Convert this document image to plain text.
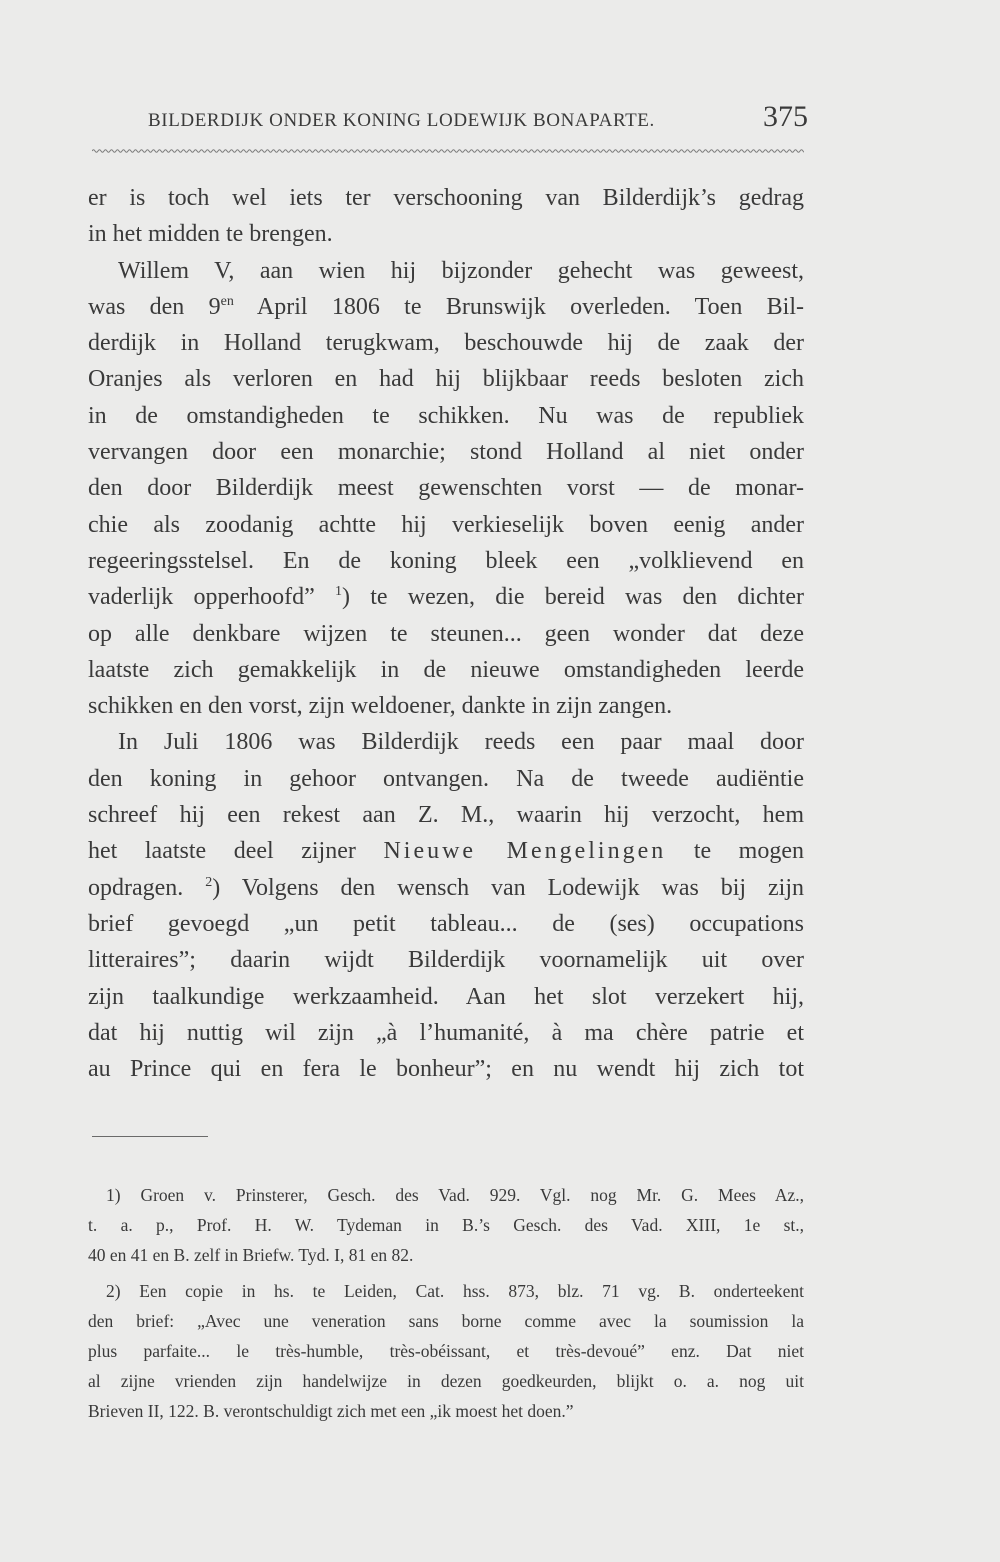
BILDERDIJK ONDER KONING LODEWIJK BONAPARTE.	375
er is toch wel iets ter verschooning van Bilderdijk’s gedrag
in het midden te brengen.
Willem V, aan wien hij bijzonder gehecht was geweest,
was den $9^{en}$ April 1806 te Brunswijk overleden. Toen Bil-
derdijk in Holland terugkwam, beschouwde hij de zaak der
Oranjes als verloren en had hij blijkbaar reeds besloten zich
in de omstandigheden te schikken. Nu was de republiek
vervangen door een monarchie; stond Holland al niet onder
den door Bilderdijk meest gewenschten vorst — de monar-
chie als zoodanig achtte hij verkieselijk boven eenig ander
regeeringsstelsel. En de koning bleek een „volklievend en
vaderlijk opperhoofd” $^1$) te wezen, die bereid was den dichter
op alle denkbare wijzen te steunen... geen wonder dat deze
laatste zich gemakkelijk in de nieuwe omstandigheden leerde
schikken en den vorst, zijn weldoener, dankte in zijn zangen.
In Juli 1806 was Bilderdijk reeds een paar maal door
den koning in gehoor ontvangen. Na de tweede audiëntie
schreef hij een rekest aan Z. M., waarin hij verzocht, hem
het laatste deel zijner Nieuwe Mengelingen te mogen
opdragen. $^2$) Volgens den wensch van Lodewijk was bij zijn
brief gevoegd „un petit tableau... de (ses) occupations
litteraires”; daarin wijdt Bilderdijk voornamelijk uit over
zijn taalkundige werkzaamheid. Aan het slot verzekert hij,
dat hij nuttig wil zijn „à l’humanité, à ma chère patrie et
au Prince qui en fera le bonheur”; en nu wendt hij zich tot
1) Groen v. Prinsterer, Gesch. des Vad. 929. Vgl. nog Mr. G. Mees Az.,
t. a. p., Prof. H. W. Tydeman in B.’s Gesch. des Vad. XIII, 1e st.,
40 en 41 en B. zelf in Briefw. Tyd. I, 81 en 82.
2) Een copie in hs. te Leiden, Cat. hss. 873, blz. 71 vg. B. onderteekent
den brief: „Avec une veneration sans borne comme avec la soumission la
plus parfaite... le très-humble, très-obéissant, et très-devoué” enz. Dat niet
al zijne vrienden zijn handelwijze in dezen goedkeurden, blijkt o. a. nog uit
Brieven II, 122. B. verontschuldigt zich met een „ik moest het doen.”
